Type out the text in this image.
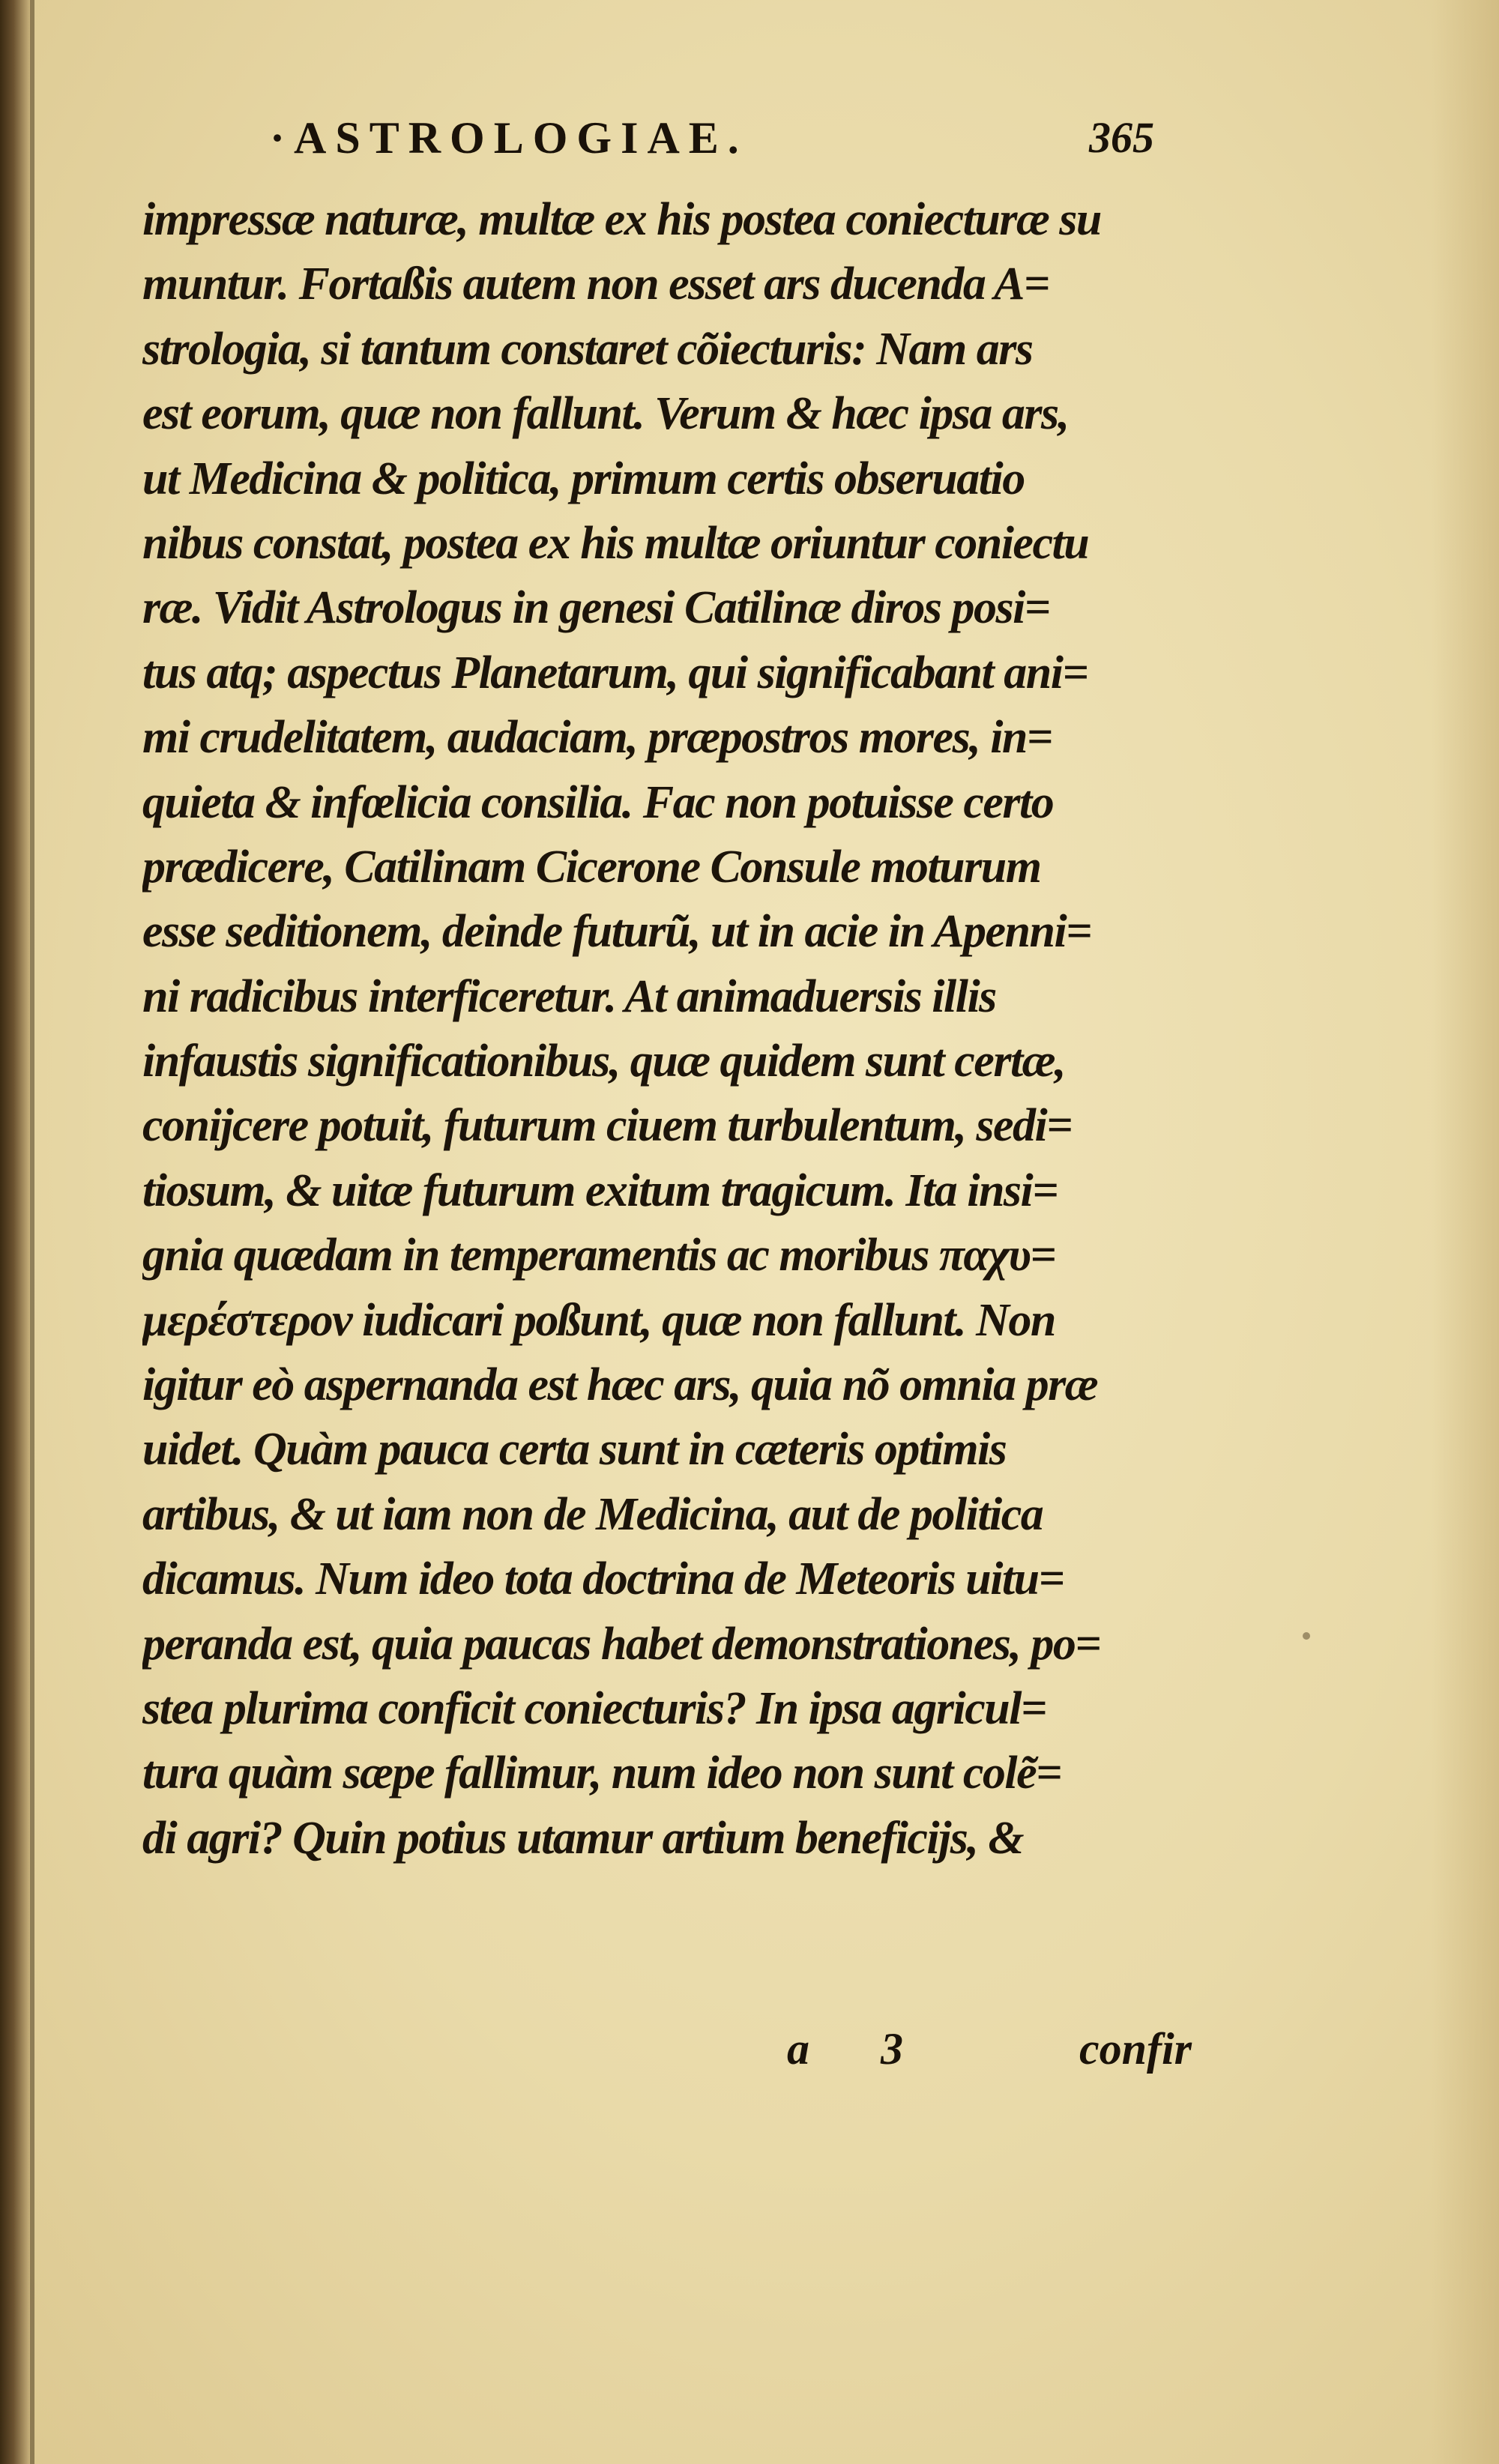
·ASTROLOGIAE.	365
impressæ naturæ, multæ ex his postea coniecturæ su
muntur. Fortaßis autem non esset ars ducenda A=
strologia, si tantum constaret cõiecturis: Nam ars
est eorum, quæ non fallunt. Verum & hæc ipsa ars,
ut Medicina & politica, primum certis obseruatio
nibus constat, postea ex his multæ oriuntur coniectu
ræ. Vidit Astrologus in genesi Catilinæ diros posi=
tus atq; aspectus Planetarum, qui significabant ani=
mi crudelitatem, audaciam, præpostros mores, in=
quieta & infœlicia consilia. Fac non potuisse certo
prædicere, Catilinam Cicerone Consule moturum
esse seditionem, deinde futurũ, ut in acie in Apenni=
ni radicibus interficeretur. At animaduersis illis
infaustis significationibus, quæ quidem sunt certæ,
conijcere potuit, futurum ciuem turbulentum, sedi=
tiosum, & uitæ futurum exitum tragicum. Ita insi=
gnia quædam in temperamentis ac moribus παχυ=
μερέστερον iudicari poßunt, quæ non fallunt. Non
igitur eò aspernanda est hæc ars, quia nõ omnia præ
uidet. Quàm pauca certa sunt in cæteris optimis
artibus, & ut iam non de Medicina, aut de politica
dicamus. Num ideo tota doctrina de Meteoris uitu=
peranda est, quia paucas habet demonstrationes, po=
stea plurima conficit coniecturis? In ipsa agricul=
tura quàm sæpe fallimur, num ideo non sunt colẽ=
di agri? Quin potius utamur artium beneficijs, &
a 3	confir
